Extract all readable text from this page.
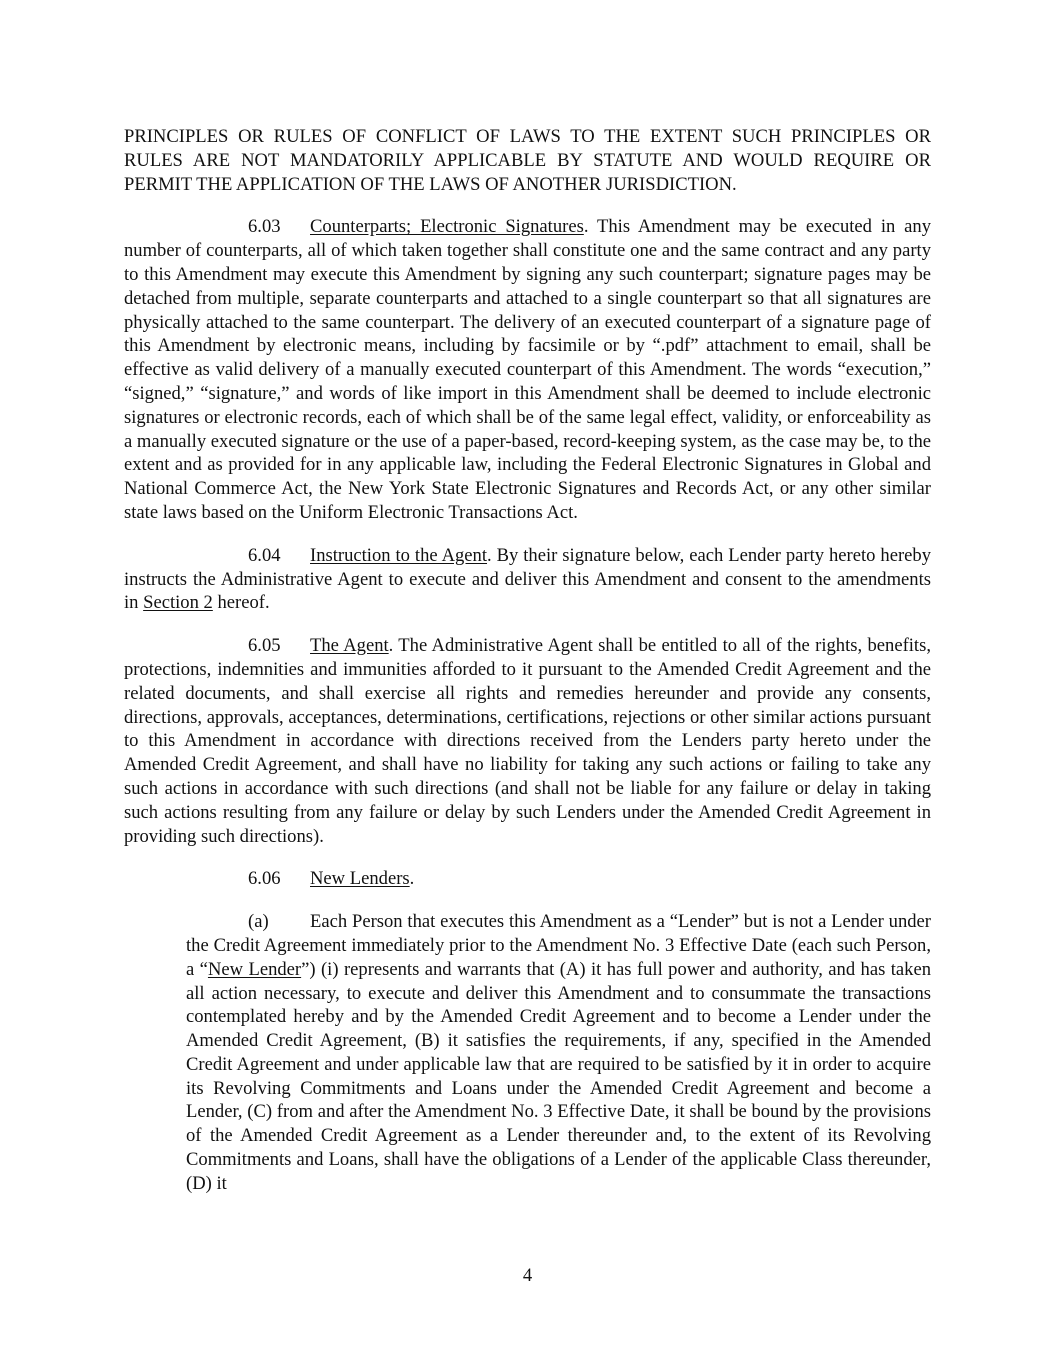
PRINCIPLES OR RULES OF CONFLICT OF LAWS TO THE EXTENT SUCH PRINCIPLES OR RULES ARE NOT MANDATORILY APPLICABLE BY STATUTE AND WOULD REQUIRE OR PERMIT THE APPLICATION OF THE LAWS OF ANOTHER JURISDICTION.

6.03 Counterparts; Electronic Signatures. This Amendment may be executed in any number of counterparts, all of which taken together shall constitute one and the same contract and any party to this Amendment may execute this Amendment by signing any such counterpart; signature pages may be detached from multiple, separate counterparts and attached to a single counterpart so that all signatures are physically attached to the same counterpart. The delivery of an executed counterpart of a signature page of this Amendment by electronic means, including by facsimile or by “.pdf” attachment to email, shall be effective as valid delivery of a manually executed counterpart of this Amendment. The words “execution,” “signed,” “signature,” and words of like import in this Amendment shall be deemed to include electronic signatures or electronic records, each of which shall be of the same legal effect, validity, or enforceability as a manually executed signature or the use of a paper-based, record-keeping system, as the case may be, to the extent and as provided for in any applicable law, including the Federal Electronic Signatures in Global and National Commerce Act, the New York State Electronic Signatures and Records Act, or any other similar state laws based on the Uniform Electronic Transactions Act.

6.04 Instruction to the Agent. By their signature below, each Lender party hereto hereby instructs the Administrative Agent to execute and deliver this Amendment and consent to the amendments in Section 2 hereof.

6.05 The Agent. The Administrative Agent shall be entitled to all of the rights, benefits, protections, indemnities and immunities afforded to it pursuant to the Amended Credit Agreement and the related documents, and shall exercise all rights and remedies hereunder and provide any consents, directions, approvals, acceptances, determinations, certifications, rejections or other similar actions pursuant to this Amendment in accordance with directions received from the Lenders party hereto under the Amended Credit Agreement, and shall have no liability for taking any such actions or failing to take any such actions in accordance with such directions (and shall not be liable for any failure or delay in taking such actions resulting from any failure or delay by such Lenders under the Amended Credit Agreement in providing such directions).

6.06 New Lenders.

(a) Each Person that executes this Amendment as a “Lender” but is not a Lender under the Credit Agreement immediately prior to the Amendment No. 3 Effective Date (each such Person, a “New Lender”) (i) represents and warrants that (A) it has full power and authority, and has taken all action necessary, to execute and deliver this Amendment and to consummate the transactions contemplated hereby and by the Amended Credit Agreement and to become a Lender under the Amended Credit Agreement, (B) it satisfies the requirements, if any, specified in the Amended Credit Agreement and under applicable law that are required to be satisfied by it in order to acquire its Revolving Commitments and Loans under the Amended Credit Agreement and become a Lender, (C) from and after the Amendment No. 3 Effective Date, it shall be bound by the provisions of the Amended Credit Agreement as a Lender thereunder and, to the extent of its Revolving Commitments and Loans, shall have the obligations of a Lender of the applicable Class thereunder, (D) it

4
